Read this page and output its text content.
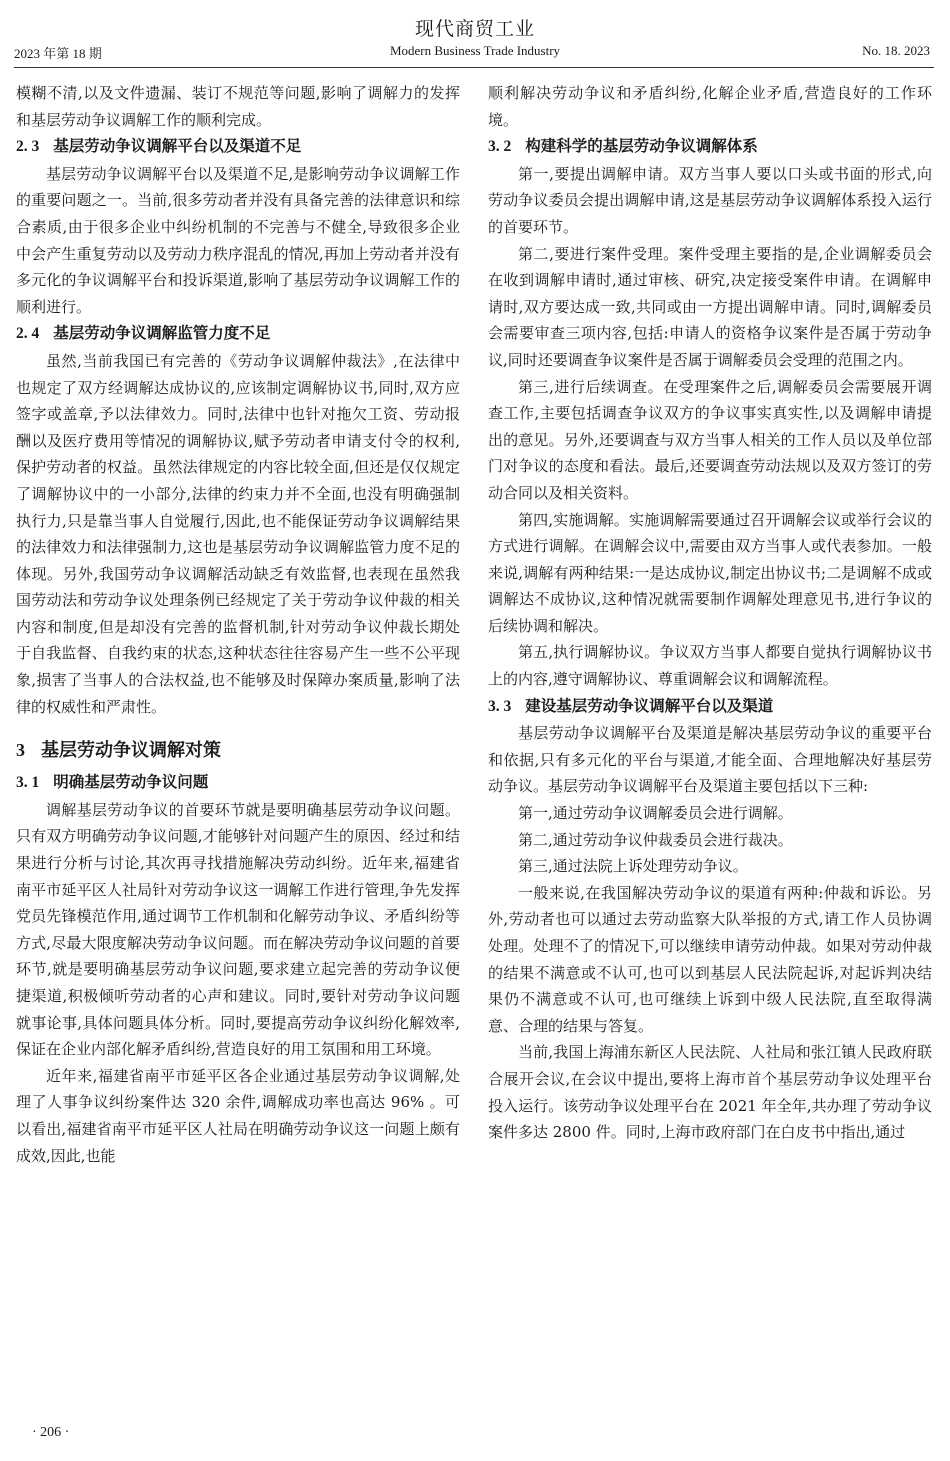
现代商贸工业
2023 年第 18 期	Modern Business Trade Industry	No. 18. 2023

模糊不清,以及文件遗漏、装订不规范等问题,影响了调解力的发挥和基层劳动争议调解工作的顺利完成。

2. 3 基层劳动争议调解平台以及渠道不足

基层劳动争议调解平台以及渠道不足,是影响劳动争议调解工作的重要问题之一。当前,很多劳动者并没有具备完善的法律意识和综合素质,由于很多企业中纠纷机制的不完善与不健全,导致很多企业中会产生重复劳动以及劳动力秩序混乱的情况,再加上劳动者并没有多元化的争议调解平台和投诉渠道,影响了基层劳动争议调解工作的顺利进行。

2. 4 基层劳动争议调解监管力度不足

虽然,当前我国已有完善的《劳动争议调解仲裁法》,在法律中也规定了双方经调解达成协议的,应该制定调解协议书,同时,双方应签字或盖章,予以法律效力。同时,法律中也针对拖欠工资、劳动报酬以及医疗费用等情况的调解协议,赋予劳动者申请支付令的权利,保护劳动者的权益。虽然法律规定的内容比较全面,但还是仅仅规定了调解协议中的一小部分,法律的约束力并不全面,也没有明确强制执行力,只是靠当事人自觉履行,因此,也不能保证劳动争议调解结果的法律效力和法律强制力,这也是基层劳动争议调解监管力度不足的体现。另外,我国劳动争议调解活动缺乏有效监督,也表现在虽然我国劳动法和劳动争议处理条例已经规定了关于劳动争议仲裁的相关内容和制度,但是却没有完善的监督机制,针对劳动争议仲裁长期处于自我监督、自我约束的状态,这种状态往往容易产生一些不公平现象,损害了当事人的合法权益,也不能够及时保障办案质量,影响了法律的权威性和严肃性。

3 基层劳动争议调解对策
3. 1 明确基层劳动争议问题

调解基层劳动争议的首要环节就是要明确基层劳动争议问题。只有双方明确劳动争议问题,才能够针对问题产生的原因、经过和结果进行分析与讨论,其次再寻找措施解决劳动纠纷。近年来,福建省南平市延平区人社局针对劳动争议这一调解工作进行管理,争先发挥党员先锋模范作用,通过调节工作机制和化解劳动争议、矛盾纠纷等方式,尽最大限度解决劳动争议问题。而在解决劳动争议问题的首要环节,就是要明确基层劳动争议问题,要求建立起完善的劳动争议便捷渠道,积极倾听劳动者的心声和建议。同时,要针对劳动争议问题就事论事,具体问题具体分析。同时,要提高劳动争议纠纷化解效率,保证在企业内部化解矛盾纠纷,营造良好的用工氛围和用工环境。

近年来,福建省南平市延平区各企业通过基层劳动争议调解,处理了人事争议纠纷案件达 320 余件,调解成功率也高达 96% 。可以看出,福建省南平市延平区人社局在明确劳动争议这一问题上颇有成效,因此,也能

顺利解决劳动争议和矛盾纠纷,化解企业矛盾,营造良好的工作环境。

3. 2 构建科学的基层劳动争议调解体系

第一,要提出调解申请。双方当事人要以口头或书面的形式,向劳动争议委员会提出调解申请,这是基层劳动争议调解体系投入运行的首要环节。

第二,要进行案件受理。案件受理主要指的是,企业调解委员会在收到调解申请时,通过审核、研究,决定接受案件申请。在调解申请时,双方要达成一致,共同或由一方提出调解申请。同时,调解委员会需要审查三项内容,包括:申请人的资格争议案件是否属于劳动争议,同时还要调查争议案件是否属于调解委员会受理的范围之内。

第三,进行后续调查。在受理案件之后,调解委员会需要展开调查工作,主要包括调查争议双方的争议事实真实性,以及调解申请提出的意见。另外,还要调查与双方当事人相关的工作人员以及单位部门对争议的态度和看法。最后,还要调查劳动法规以及双方签订的劳动合同以及相关资料。

第四,实施调解。实施调解需要通过召开调解会议或举行会议的方式进行调解。在调解会议中,需要由双方当事人或代表参加。一般来说,调解有两种结果:一是达成协议,制定出协议书;二是调解不成或调解达不成协议,这种情况就需要制作调解处理意见书,进行争议的后续协调和解决。

第五,执行调解协议。争议双方当事人都要自觉执行调解协议书上的内容,遵守调解协议、尊重调解会议和调解流程。

3. 3 建设基层劳动争议调解平台以及渠道

基层劳动争议调解平台及渠道是解决基层劳动争议的重要平台和依据,只有多元化的平台与渠道,才能全面、合理地解决好基层劳动争议。基层劳动争议调解平台及渠道主要包括以下三种:

第一,通过劳动争议调解委员会进行调解。

第二,通过劳动争议仲裁委员会进行裁决。

第三,通过法院上诉处理劳动争议。

一般来说,在我国解决劳动争议的渠道有两种:仲裁和诉讼。另外,劳动者也可以通过去劳动监察大队举报的方式,请工作人员协调处理。处理不了的情况下,可以继续申请劳动仲裁。如果对劳动仲裁的结果不满意或不认可,也可以到基层人民法院起诉,对起诉判决结果仍不满意或不认可,也可继续上诉到中级人民法院,直至取得满意、合理的结果与答复。

当前,我国上海浦东新区人民法院、人社局和张江镇人民政府联合展开会议,在会议中提出,要将上海市首个基层劳动争议处理平台投入运行。该劳动争议处理平台在 2021 年全年,共办理了劳动争议案件多达 2800 件。同时,上海市政府部门在白皮书中指出,通过

· 206 ·
